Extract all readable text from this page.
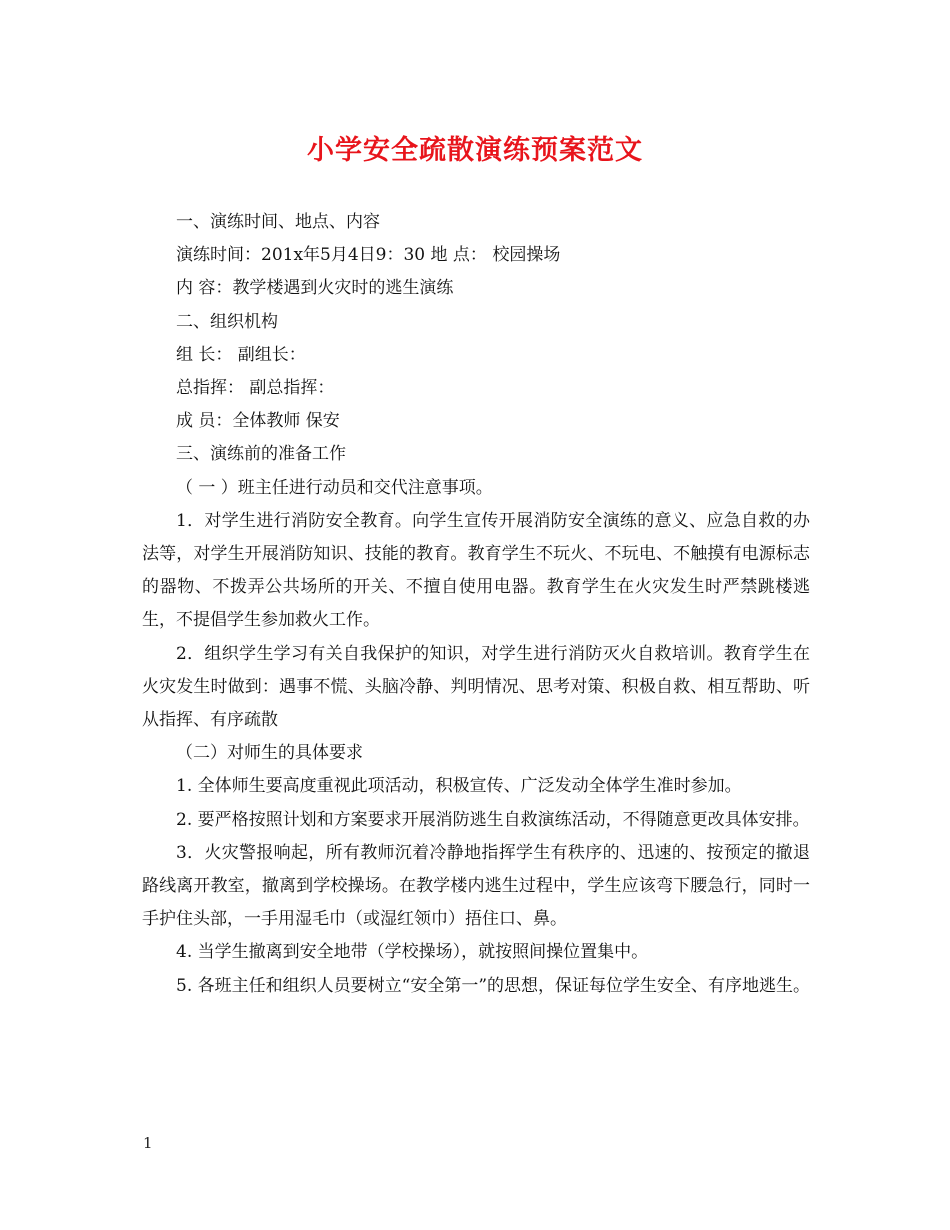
小学安全疏散演练预案范文

一、演练时间、地点、内容

演练时间：201x年5月4日9：30 地 点： 校园操场

内 容：教学楼遇到火灾时的逃生演练

二、组织机构

组 长： 副组长：

总指挥： 副总指挥：

成 员：全体教师 保安

三、演练前的准备工作

（ 一 ）班主任进行动员和交代注意事项。

1．对学生进行消防安全教育。向学生宣传开展消防安全演练的意义、应急自救的办法等，对学生开展消防知识、技能的教育。教育学生不玩火、不玩电、不触摸有电源标志的器物、不拨弄公共场所的开关、不擅自使用电器。教育学生在火灾发生时严禁跳楼逃生，不提倡学生参加救火工作。

2．组织学生学习有关自我保护的知识，对学生进行消防灭火自救培训。教育学生在火灾发生时做到：遇事不慌、头脑冷静、判明情况、思考对策、积极自救、相互帮助、听从指挥、有序疏散

（二）对师生的具体要求

1. 全体师生要高度重视此项活动，积极宣传、广泛发动全体学生准时参加。

2. 要严格按照计划和方案要求开展消防逃生自救演练活动，不得随意更改具体安排。

3．火灾警报响起，所有教师沉着冷静地指挥学生有秩序的、迅速的、按预定的撤退路线离开教室，撤离到学校操场。在教学楼内逃生过程中，学生应该弯下腰急行，同时一手护住头部，一手用湿毛巾（或湿红领巾）捂住口、鼻。

4. 当学生撤离到安全地带（学校操场），就按照间操位置集中。

5. 各班主任和组织人员要树立“安全第一”的思想，保证每位学生安全、有序地逃生。

1
